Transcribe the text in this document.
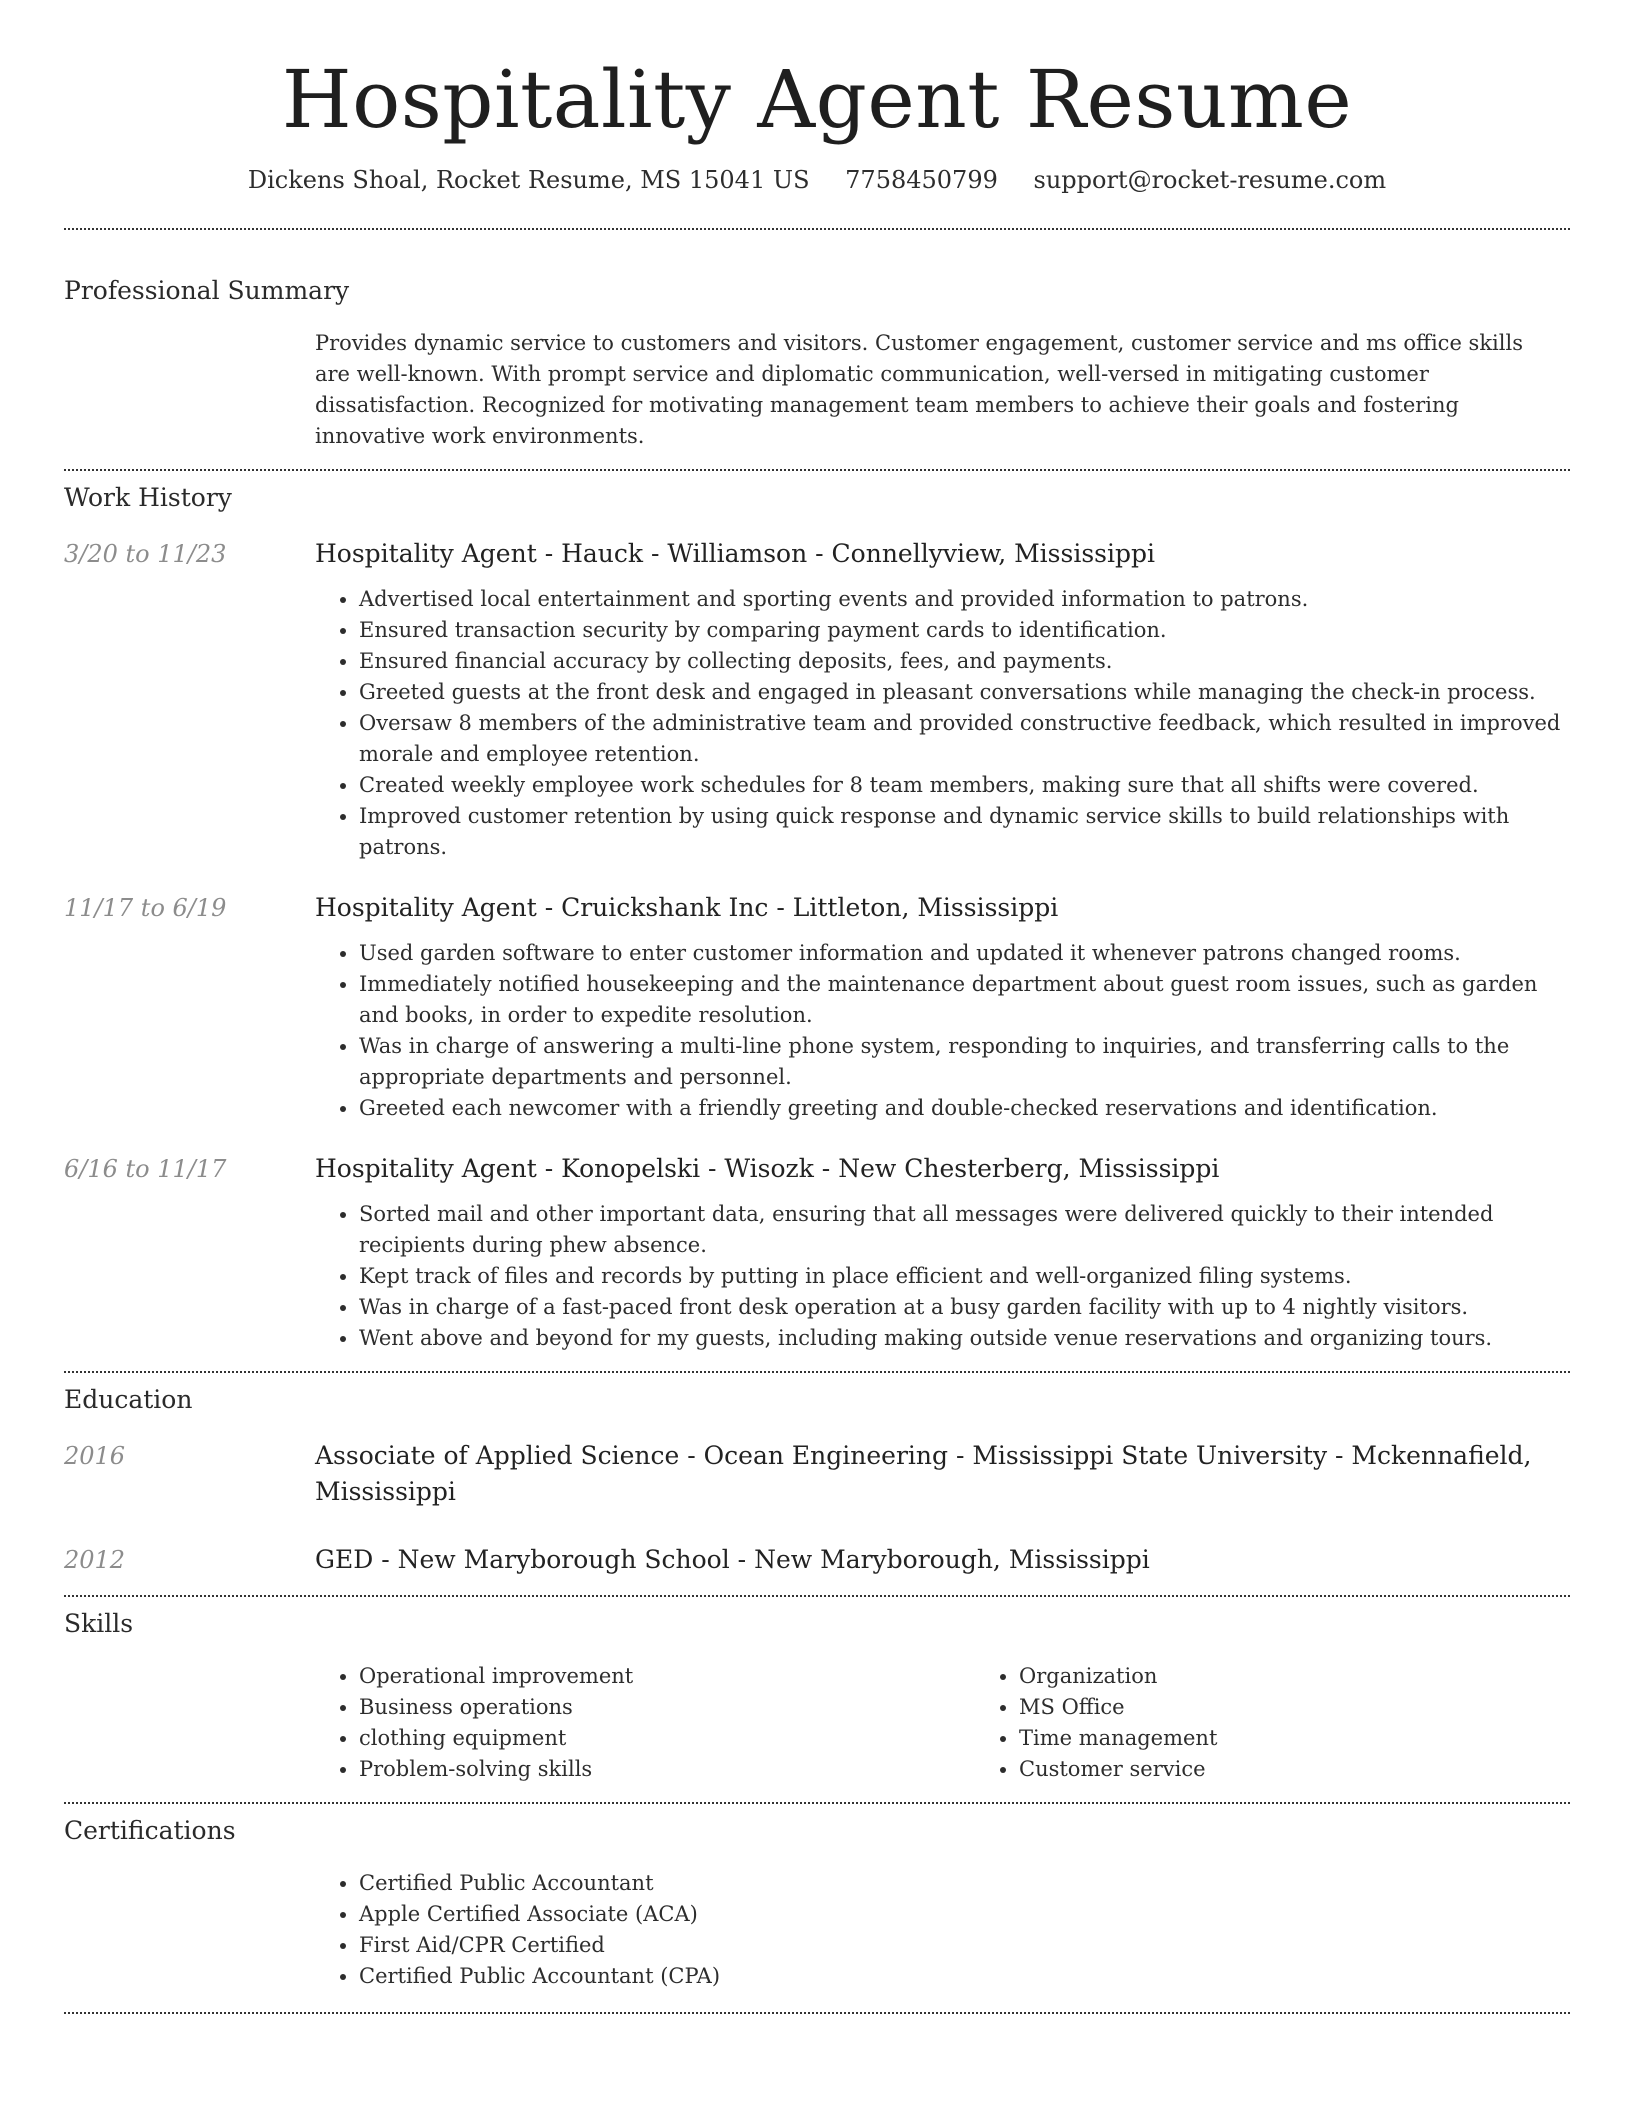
Hospitality Agent Resume
Dickens Shoal, Rocket Resume, MS 15041 US 7758450799 support@rocket-resume.com
Professional Summary
Provides dynamic service to customers and visitors. Customer engagement, customer service and ms office skills are well-known. With prompt service and diplomatic communication, well-versed in mitigating customer dissatisfaction. Recognized for motivating management team members to achieve their goals and fostering innovative work environments.
Work History
3/20 to 11/23	Hospitality Agent - Hauck - Williamson - Connellyview, Mississippi
• Advertised local entertainment and sporting events and provided information to patrons.
• Ensured transaction security by comparing payment cards to identification.
• Ensured financial accuracy by collecting deposits, fees, and payments.
• Greeted guests at the front desk and engaged in pleasant conversations while managing the check-in process.
• Oversaw 8 members of the administrative team and provided constructive feedback, which resulted in improved morale and employee retention.
• Created weekly employee work schedules for 8 team members, making sure that all shifts were covered.
• Improved customer retention by using quick response and dynamic service skills to build relationships with patrons.
11/17 to 6/19	Hospitality Agent - Cruickshank Inc - Littleton, Mississippi
• Used garden software to enter customer information and updated it whenever patrons changed rooms.
• Immediately notified housekeeping and the maintenance department about guest room issues, such as garden and books, in order to expedite resolution.
• Was in charge of answering a multi-line phone system, responding to inquiries, and transferring calls to the appropriate departments and personnel.
• Greeted each newcomer with a friendly greeting and double-checked reservations and identification.
6/16 to 11/17	Hospitality Agent - Konopelski - Wisozk - New Chesterberg, Mississippi
• Sorted mail and other important data, ensuring that all messages were delivered quickly to their intended recipients during phew absence.
• Kept track of files and records by putting in place efficient and well-organized filing systems.
• Was in charge of a fast-paced front desk operation at a busy garden facility with up to 4 nightly visitors.
• Went above and beyond for my guests, including making outside venue reservations and organizing tours.
Education
2016	Associate of Applied Science - Ocean Engineering - Mississippi State University - Mckennafield, Mississippi
2012	GED - New Maryborough School - New Maryborough, Mississippi
Skills
• Operational improvement
• Business operations
• clothing equipment
• Problem-solving skills
• Organization
• MS Office
• Time management
• Customer service
Certifications
• Certified Public Accountant
• Apple Certified Associate (ACA)
• First Aid/CPR Certified
• Certified Public Accountant (CPA)
